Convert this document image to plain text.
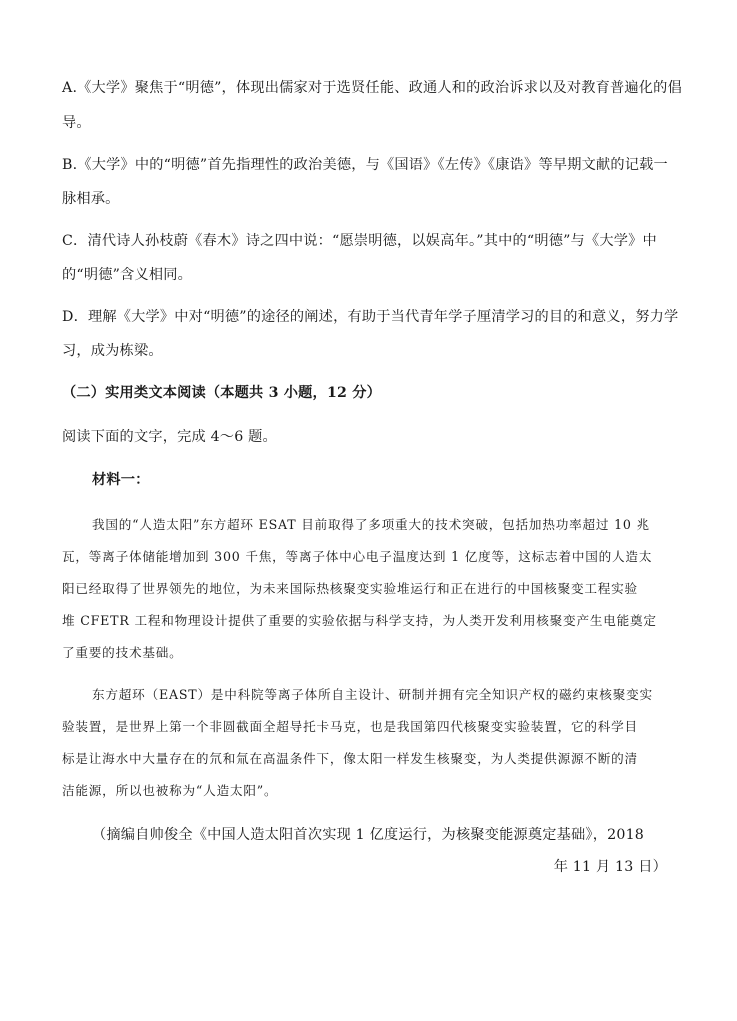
A.《大学》聚焦于“明德”，体现出儒家对于选贤任能、政通人和的政治诉求以及对教育普遍化的倡
导。
B.《大学》中的“明德”首先指理性的政治美德，与《国语》《左传》《康诰》等早期文献的记载一
脉相承。
C．清代诗人孙枝蔚《春木》诗之四中说：“愿崇明德，以娱高年。”其中的“明德”与《大学》中
的“明德”含义相同。
D．理解《大学》中对“明德”的途径的阐述，有助于当代青年学子厘清学习的目的和意义，努力学
习，成为栋梁。
（二）实用类文本阅读（本题共 3 小题，12 分）
阅读下面的文字，完成 4～6 题。
材料一：
我国的“人造太阳”东方超环 ESAT 目前取得了多项重大的技术突破，包括加热功率超过 10 兆
瓦，等离子体储能增加到 300 千焦，等离子体中心电子温度达到 1 亿度等，这标志着中国的人造太
阳已经取得了世界领先的地位，为未来国际热核聚变实验堆运行和正在进行的中国核聚变工程实验
堆 CFETR 工程和物理设计提供了重要的实验依据与科学支持，为人类开发利用核聚变产生电能奠定
了重要的技术基础。
东方超环（EAST）是中科院等离子体所自主设计、研制并拥有完全知识产权的磁约束核聚变实
验装置，是世界上第一个非圆截面全超导托卡马克，也是我国第四代核聚变实验装置，它的科学目
标是让海水中大量存在的氘和氚在高温条件下，像太阳一样发生核聚变，为人类提供源源不断的清
洁能源，所以也被称为“人造太阳”。
（摘编自帅俊全《中国人造太阳首次实现 1 亿度运行，为核聚变能源奠定基础》，2018
年 11 月 13 日）
